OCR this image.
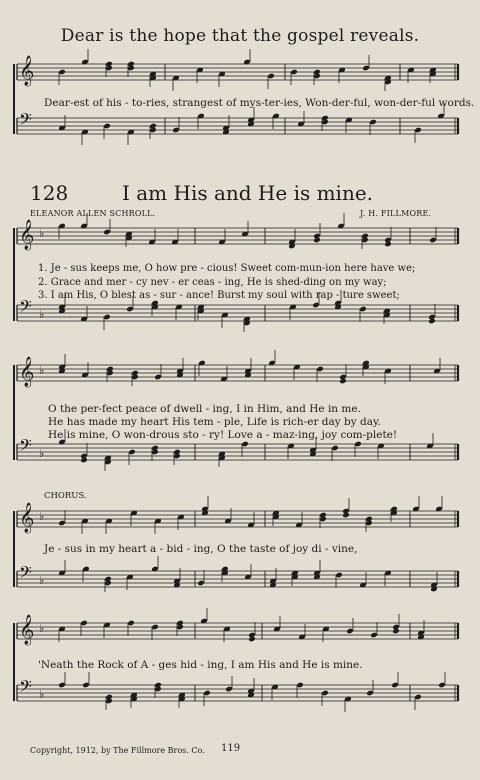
𝄞
𝄢
𝄞 ♭
𝄢 ♭
𝄞 ♭
𝄢 ♭
𝄞 ♭
𝄢 ♭
𝄞 ♭
𝄢 ♭
Dear is the hope that the gospel reveals.
Dear-est of his - to-ries, strangest of mys-ter-ies, Won-der-ful, won-der-ful words.
128	I am His and He is mine.
ELEANOR ALLEN SCHROLL.	J. H. FILLMORE.
1. Je - sus keeps me, O how pre - cious! Sweet com-mun-ion here have we;
2. Grace and mer - cy nev - er ceas - ing, He is shed-ding on my way;
3. I am His, O blest as - sur - ance! Burst my soul with rap - ture sweet;
O the per-fect peace of dwell - ing, I in Him, and He in me.
He has made my heart His tem - ple, Life is rich-er day by day.
He is mine, O won-drous sto - ry! Love a - maz-ing, joy com-plete!
CHORUS.
Je - sus in my heart a - bid - ing, O the taste of joy di - vine,
'Neath the Rock of A - ges hid - ing, I am His and He is mine.
Copyright, 1912, by The Fillmore Bros. Co. 119
